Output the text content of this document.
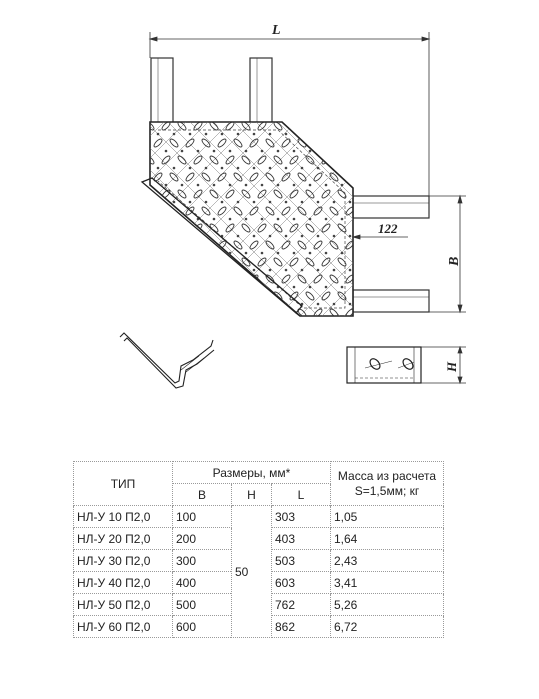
L
122
B
H
ТИП	Размеры, мм*			Масса из расчета
S=1,5мм; кг
	B	H	L	
НЛ-У 10 П2,0	100	50	303	1,05
НЛ-У 20 П2,0	200		403	1,64
НЛ-У 30 П2,0	300		503	2,43
НЛ-У 40 П2,0	400		603	3,41
НЛ-У 50 П2,0	500		762	5,26
НЛ-У 60 П2,0	600		862	6,72
